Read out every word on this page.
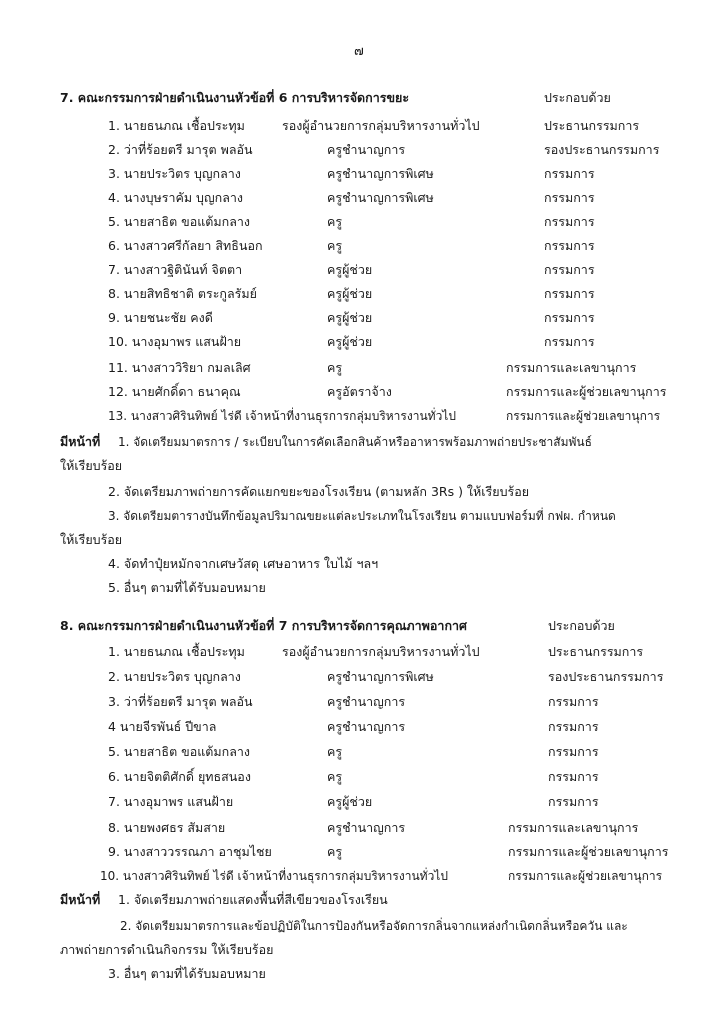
๗
7. คณะกรรมการฝ่ายดำเนินงานหัวข้อที่ 6 การบริหารจัดการขยะ	ประกอบด้วย
1. นายธนภณ เชื้อประทุม	รองผู้อำนวยการกลุ่มบริหารงานทั่วไป	ประธานกรรมการ
2. ว่าที่ร้อยตรี มารุต พลอัน	ครูชำนาญการ	รองประธานกรรมการ
3. นายประวิตร บุญกลาง	ครูชำนาญการพิเศษ	กรรมการ
4. นางบุษราคัม บุญกลาง	ครูชำนาญการพิเศษ	กรรมการ
5. นายสาธิต ขอแต้มกลาง	ครู	กรรมการ
6. นางสาวศรีกัลยา สิทธินอก	ครู	กรรมการ
7. นางสาวฐิตินันท์ จิตตา	ครูผู้ช่วย	กรรมการ
8. นายสิทธิชาติ ตระกูลรัมย์	ครูผู้ช่วย	กรรมการ
9. นายชนะชัย คงดี	ครูผู้ช่วย	กรรมการ
10. นางอุมาพร แสนฝ้าย	ครูผู้ช่วย	กรรมการ
11. นางสาววิริยา กมลเลิศ	ครู	กรรมการและเลขานุการ
12. นายศักดิ์ดา ธนาคุณ	ครูอัตราจ้าง	กรรมการและผู้ช่วยเลขานุการ
13. นางสาวศิรินทิพย์ ไร่ดี เจ้าหน้าที่งานธุรการกลุ่มบริหารงานทั่วไป	กรรมการและผู้ช่วยเลขานุการ
มีหน้าที่ 1. จัดเตรียมมาตรการ / ระเบียบในการคัดเลือกสินค้าหรืออาหารพร้อมภาพถ่ายประชาสัมพันธ์
ให้เรียบร้อย
2. จัดเตรียมภาพถ่ายการคัดแยกขยะของโรงเรียน (ตามหลัก 3Rs ) ให้เรียบร้อย
3. จัดเตรียมตารางบันทึกข้อมูลปริมาณขยะแต่ละประเภทในโรงเรียน ตามแบบฟอร์มที่ กฟผ. กำหนด
ให้เรียบร้อย
4. จัดทำปุ๋ยหมักจากเศษวัสดุ เศษอาหาร ใบไม้ ฯลฯ
5. อื่นๆ ตามที่ได้รับมอบหมาย
8. คณะกรรมการฝ่ายดำเนินงานหัวข้อที่ 7 การบริหารจัดการคุณภาพอากาศ	ประกอบด้วย
1. นายธนภณ เชื้อประทุม	รองผู้อำนวยการกลุ่มบริหารงานทั่วไป	ประธานกรรมการ
2. นายประวิตร บุญกลาง	ครูชำนาญการพิเศษ	รองประธานกรรมการ
3. ว่าที่ร้อยตรี มารุต พลอัน	ครูชำนาญการ	กรรมการ
4 นายจีรพันธ์ ปีขาล	ครูชำนาญการ	กรรมการ
5. นายสาธิต ขอแต้มกลาง	ครู	กรรมการ
6. นายจิตติศักดิ์ ยุทธสนอง	ครู	กรรมการ
7. นางอุมาพร แสนฝ้าย	ครูผู้ช่วย	กรรมการ
8. นายพงศธร สัมสาย	ครูชำนาญการ	กรรมการและเลขานุการ
9. นางสาววรรณภา อาชุมไชย	ครู	กรรมการและผู้ช่วยเลขานุการ
10. นางสาวศิรินทิพย์ ไร่ดี เจ้าหน้าที่งานธุรการกลุ่มบริหารงานทั่วไป	กรรมการและผู้ช่วยเลขานุการ
มีหน้าที่ 1. จัดเตรียมภาพถ่ายแสดงพื้นที่สีเขียวของโรงเรียน
2. จัดเตรียมมาตรการและข้อปฏิบัติในการป้องกันหรือจัดการกลิ่นจากแหล่งกำเนิดกลิ่นหรือควัน และ
ภาพถ่ายการดำเนินกิจกรรม ให้เรียบร้อย
3. อื่นๆ ตามที่ได้รับมอบหมาย
